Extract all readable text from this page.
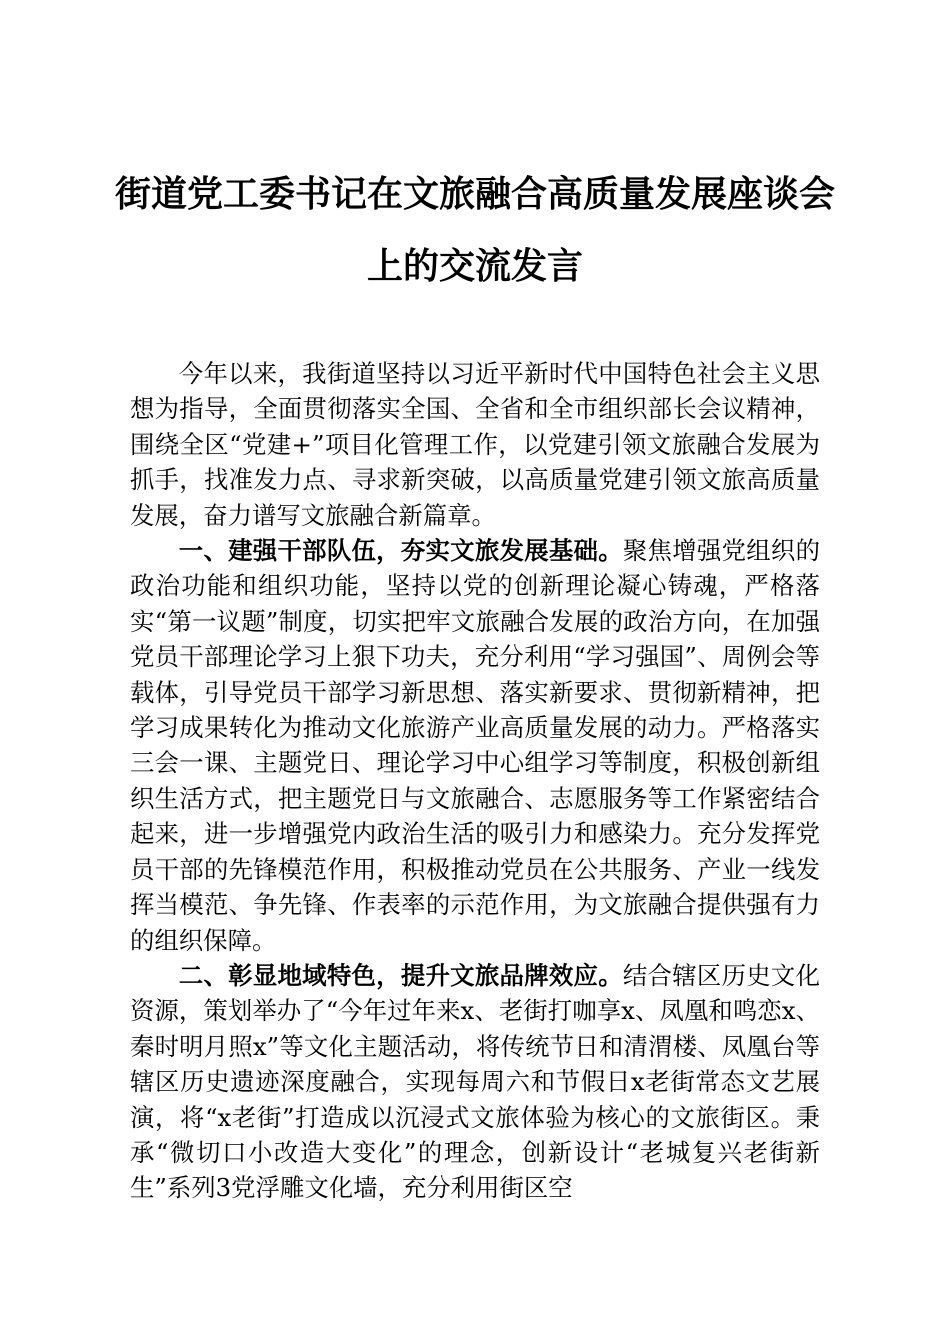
街道党工委书记在文旅融合高质量发展座谈会
上的交流发言

今年以来，我街道坚持以习近平新时代中国特色社会主义思想为指导，全面贯彻落实全国、全省和全市组织部长会议精神，围绕全区“党建+”项目化管理工作，以党建引领文旅融合发展为抓手，找准发力点、寻求新突破，以高质量党建引领文旅高质量发展，奋力谱写文旅融合新篇章。

一、建强干部队伍，夯实文旅发展基础。聚焦增强党组织的政治功能和组织功能，坚持以党的创新理论凝心铸魂，严格落实“第一议题”制度，切实把牢文旅融合发展的政治方向，在加强党员干部理论学习上狠下功夫，充分利用“学习强国”、周例会等载体，引导党员干部学习新思想、落实新要求、贯彻新精神，把学习成果转化为推动文化旅游产业高质量发展的动力。严格落实三会一课、主题党日、理论学习中心组学习等制度，积极创新组织生活方式，把主题党日与文旅融合、志愿服务等工作紧密结合起来，进一步增强党内政治生活的吸引力和感染力。充分发挥党员干部的先锋模范作用，积极推动党员在公共服务、产业一线发挥当模范、争先锋、作表率的示范作用，为文旅融合提供强有力的组织保障。

二、彰显地域特色，提升文旅品牌效应。结合辖区历史文化资源，策划举办了“今年过年来x、老街打咖享x、凤凰和鸣恋x、秦时明月照x”等文化主题活动，将传统节日和清渭楼、凤凰台等辖区历史遗迹深度融合，实现每周六和节假日x老街常态文艺展演，将“x老街”打造成以沉浸式文旅体验为核心的文旅街区。秉承“微切口小改造大变化”的理念，创新设计“老城复兴老街新生”系列3党浮雕文化墙，充分利用街区空
